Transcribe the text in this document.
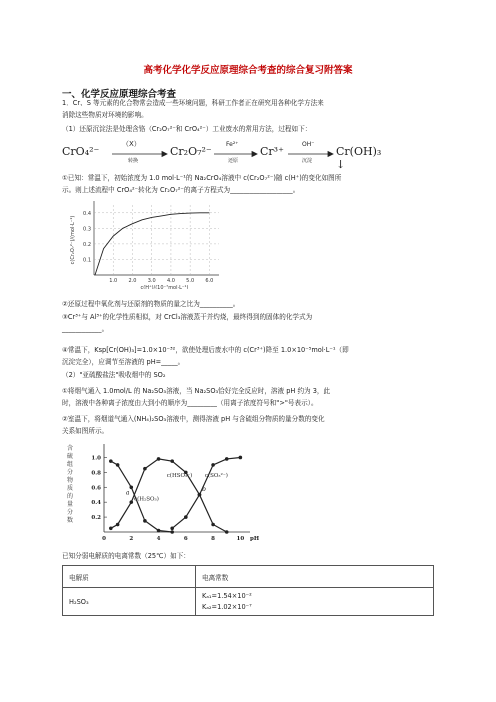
高考化学化学反应原理综合考查的综合复习附答案
一、化学反应原理综合考查
1．Cr、S 等元素的化合物常会造成一些环境问题，科研工作者正在研究用各种化学方法来
消除这些物质对环境的影响。
（1）还原沉淀法是处理含铬（Cr₂O₇²⁻和 CrO₄²⁻）工业废水的常用方法，过程如下：
CrO₄²⁻
（X）
转换
Cr₂O₇²⁻
Fe²⁺
还原
Cr³⁺
OH⁻
沉淀
Cr(OH)₃ ↓
①已知：常温下，初始浓度为 1.0 mol·L⁻¹的 Na₂CrO₄溶液中 c(Cr₂O₇²⁻)随 c(H⁺)的变化如图所
示。则上述流程中 CrO₄²⁻转化为 Cr₂O₇²⁻的离子方程式为___________________。
0.4
0.3
0.2
0.1
1.0 2.0 3.0 4.0 5.0 6.0
c(H⁺)/(10⁻⁷mol·L⁻¹)
c(Cr₂O₇²⁻)/(mol·L⁻¹)
②还原过程中氧化剂与还原剂的物质的量之比为__________。
③Cr³⁺与 Al³⁺的化学性质相似，对 CrCl₃溶液蒸干并灼烧，最终得到的固体的化学式为
____________。
④常温下，Ksp[Cr(OH)₃]=1.0×10⁻³²，欲使处理后废水中的 c(Cr³⁺)降至 1.0×10⁻⁵mol·L⁻¹（即
沉淀完全），应调节至溶液的 pH=_____。
（2）"亚硫酸盐法"吸收烟中的 SO₂
①将烟气通入 1.0mol/L 的 Na₂SO₃溶液，当 Na₂SO₃恰好完全反应时，溶液 pH 约为 3，此
时，溶液中各种离子浓度由大到小的顺序为_________（用离子浓度符号和">"号表示）。
②室温下，将烟道气通入(NH₄)₂SO₃溶液中，测得溶液 pH 与含硫组分物质的量分数的变化
关系如图所示。
1.0
0.8
0.6
0.4
0.2
0	2	4	6	8	10 pH
含
硫
组
分
物
质
的
量
分
数
c(H₂SO₃)
c(HSO₃⁻) c(SO₃²⁻)
a
b
已知分弱电解质的电离常数（25℃）如下：
电解质	电离常数
H₂SO₃	Kₐ₁=1.54×10⁻²
Kₐ₂=1.02×10⁻⁷
